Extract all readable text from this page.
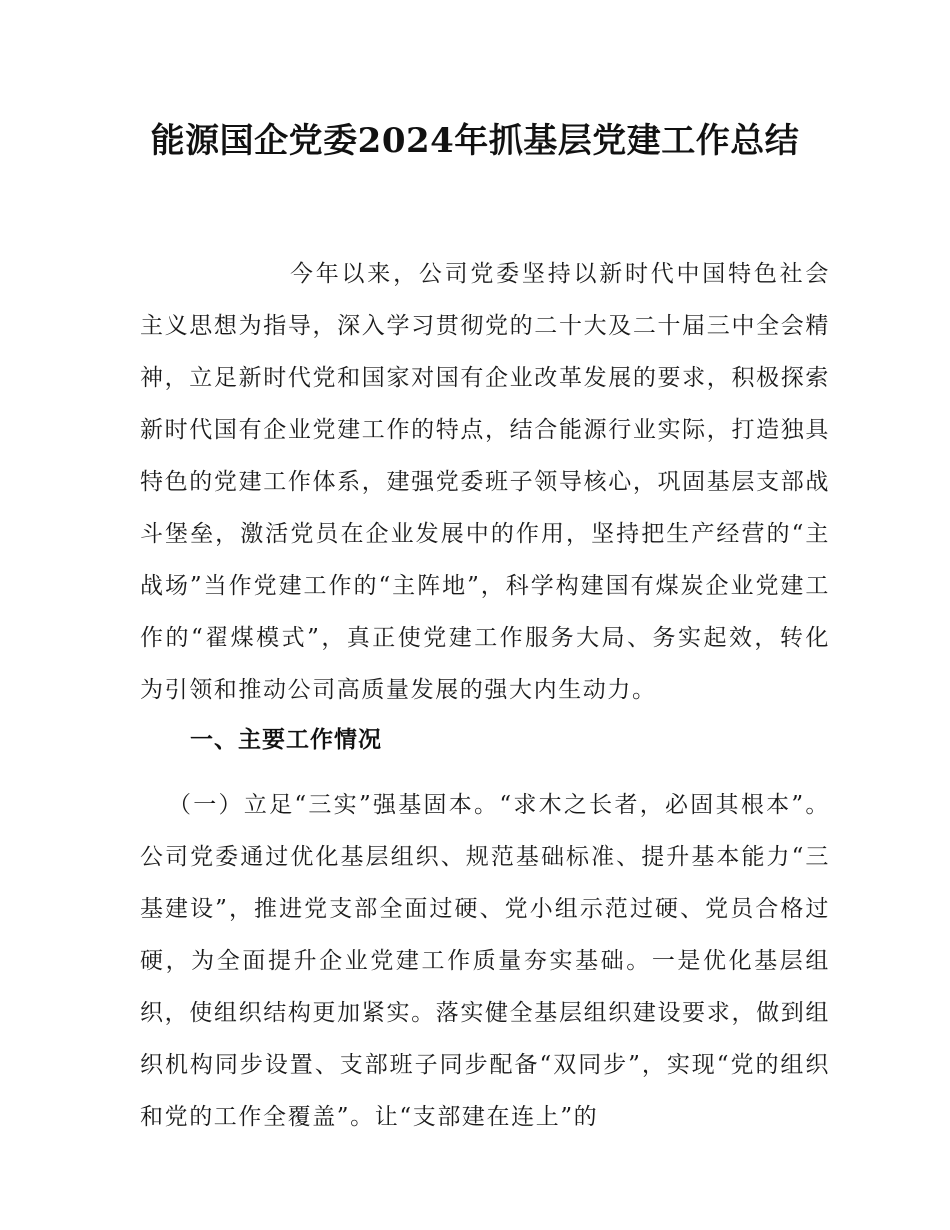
能源国企党委2024年抓基层党建工作总结

今年以来，公司党委坚持以新时代中国特色社会主义思想为指导，深入学习贯彻党的二十大及二十届三中全会精神，立足新时代党和国家对国有企业改革发展的要求，积极探索新时代国有企业党建工作的特点，结合能源行业实际，打造独具特色的党建工作体系，建强党委班子领导核心，巩固基层支部战斗堡垒，激活党员在企业发展中的作用，坚持把生产经营的“主战场”当作党建工作的“主阵地”，科学构建国有煤炭企业党建工作的“翟煤模式”，真正使党建工作服务大局、务实起效，转化为引领和推动公司高质量发展的强大内生动力。

一、主要工作情况

（一）立足“三实”强基固本。“求木之长者，必固其根本”。公司党委通过优化基层组织、规范基础标准、提升基本能力“三基建设”，推进党支部全面过硬、党小组示范过硬、党员合格过硬，为全面提升企业党建工作质量夯实基础。一是优化基层组织，使组织结构更加紧实。落实健全基层组织建设要求，做到组织机构同步设置、支部班子同步配备“双同步”，实现“党的组织和党的工作全覆盖”。让“支部建在连上”的
